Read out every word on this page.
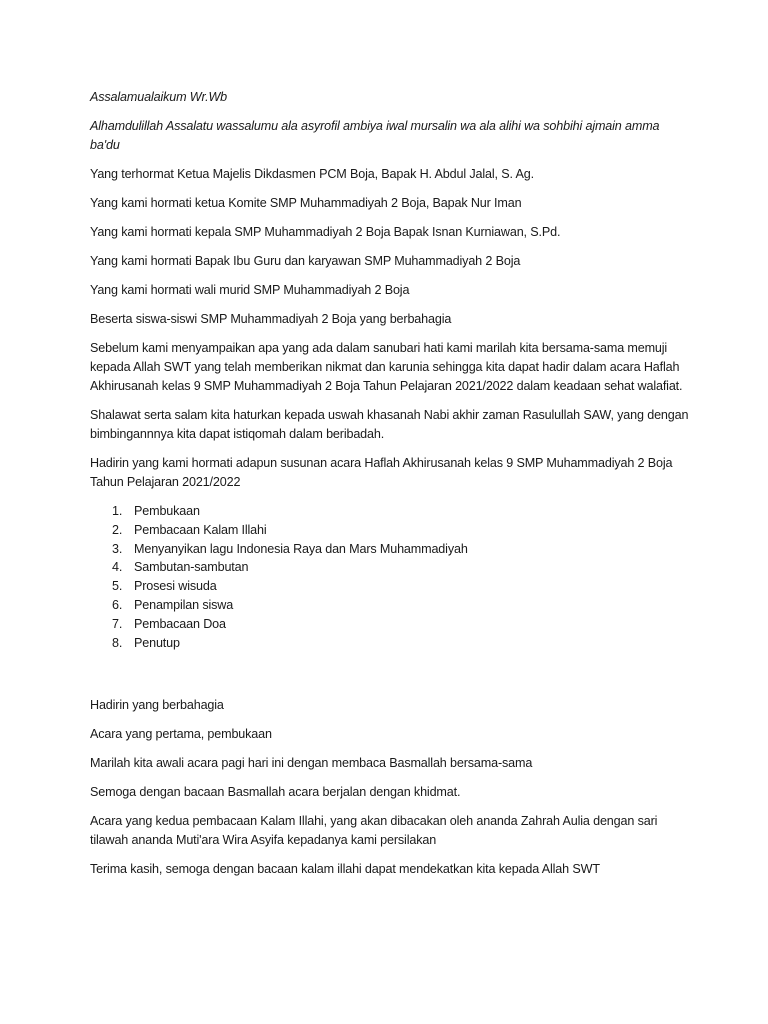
Assalamualaikum Wr.Wb

Alhamdulillah Assalatu wassalumu ala asyrofil ambiya iwal mursalin wa ala alihi wa sohbihi ajmain amma ba'du

Yang terhormat Ketua Majelis Dikdasmen PCM Boja, Bapak H. Abdul Jalal, S. Ag.

Yang kami hormati ketua Komite SMP Muhammadiyah 2 Boja, Bapak Nur Iman

Yang kami hormati kepala SMP Muhammadiyah 2 Boja Bapak Isnan Kurniawan, S.Pd.

Yang kami hormati Bapak Ibu Guru dan karyawan SMP Muhammadiyah 2 Boja

Yang kami hormati wali murid SMP Muhammadiyah 2 Boja

Beserta siswa-siswi SMP Muhammadiyah 2 Boja yang berbahagia

Sebelum kami menyampaikan apa yang ada dalam sanubari hati kami marilah kita bersama-sama memuji kepada Allah SWT yang telah memberikan nikmat dan karunia sehingga kita dapat hadir dalam acara Haflah Akhirusanah kelas 9 SMP Muhammadiyah 2 Boja Tahun Pelajaran 2021/2022 dalam keadaan sehat walafiat.

Shalawat serta salam kita haturkan kepada uswah khasanah Nabi akhir zaman Rasulullah SAW, yang dengan bimbingannnya kita dapat istiqomah dalam beribadah.

Hadirin yang kami hormati adapun susunan acara Haflah Akhirusanah kelas 9 SMP Muhammadiyah 2 Boja Tahun Pelajaran 2021/2022

1. Pembukaan
2. Pembacaan Kalam Illahi
3. Menyanyikan lagu Indonesia Raya dan Mars Muhammadiyah
4. Sambutan-sambutan
5. Prosesi wisuda
6. Penampilan siswa
7. Pembacaan Doa
8. Penutup

Hadirin yang berbahagia

Acara yang pertama, pembukaan

Marilah kita awali acara pagi hari ini dengan membaca Basmallah bersama-sama

Semoga dengan bacaan Basmallah acara berjalan dengan khidmat.

Acara yang kedua pembacaan Kalam Illahi, yang akan dibacakan oleh ananda Zahrah Aulia dengan sari tilawah ananda Muti'ara Wira Asyifa kepadanya kami persilakan

Terima kasih, semoga dengan bacaan kalam illahi dapat mendekatkan kita kepada Allah SWT
